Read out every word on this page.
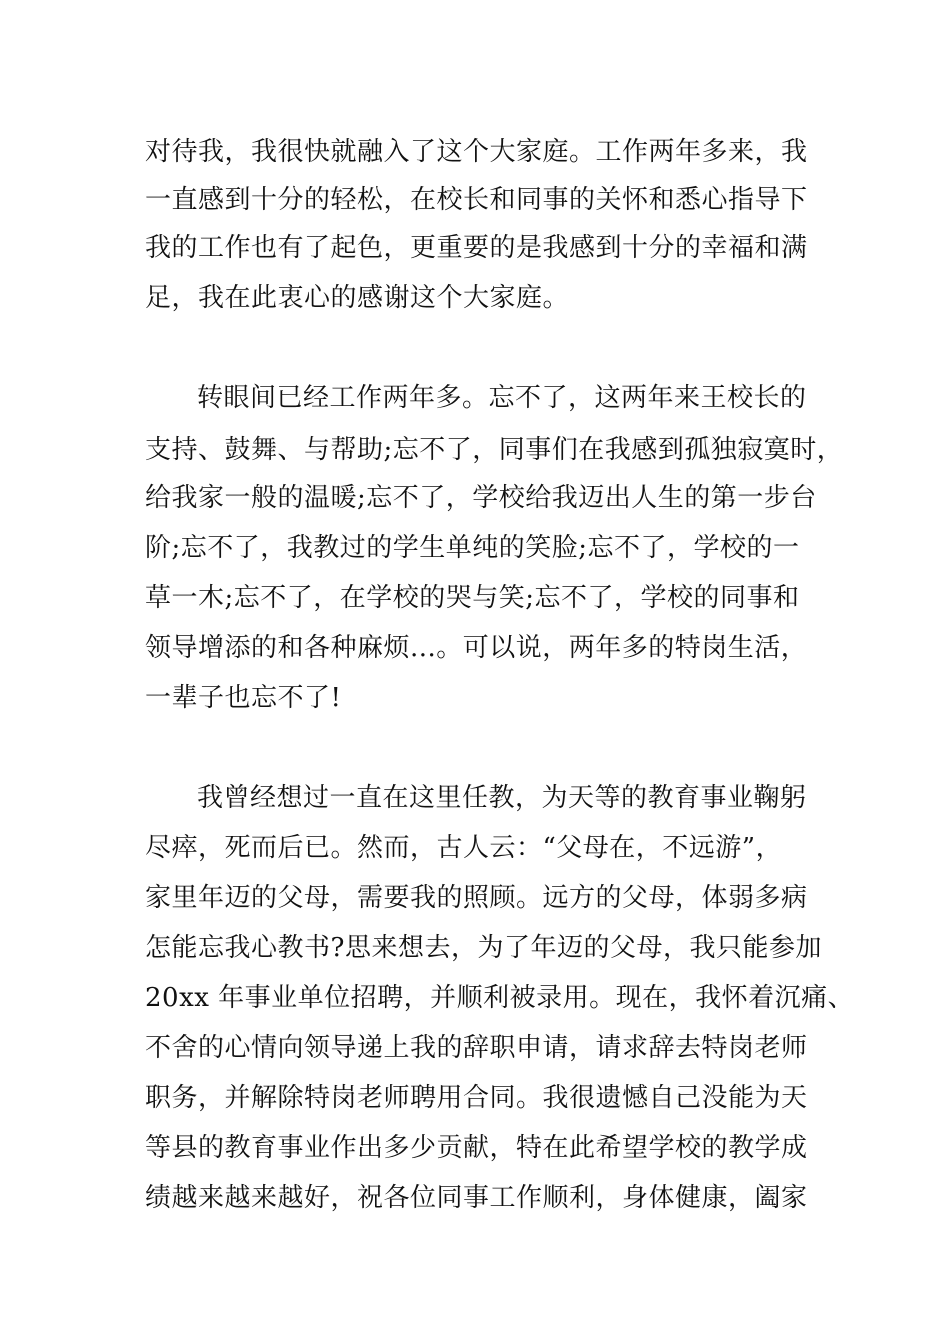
对待我，我很快就融入了这个大家庭。工作两年多来，我
一直感到十分的轻松，在校长和同事的关怀和悉心指导下
我的工作也有了起色，更重要的是我感到十分的幸福和满
足，我在此衷心的感谢这个大家庭。
转眼间已经工作两年多。忘不了，这两年来王校长的
支持、鼓舞、与帮助;忘不了，同事们在我感到孤独寂寞时，
给我家一般的温暖;忘不了，学校给我迈出人生的第一步台
阶;忘不了，我教过的学生单纯的笑脸;忘不了，学校的一
草一木;忘不了，在学校的哭与笑;忘不了，学校的同事和
领导增添的和各种麻烦...。可以说，两年多的特岗生活，
一辈子也忘不了!
我曾经想过一直在这里任教，为天等的教育事业鞠躬
尽瘁，死而后已。然而，古人云：“父母在，不远游”，
家里年迈的父母，需要我的照顾。远方的父母，体弱多病
怎能忘我心教书?思来想去，为了年迈的父母，我只能参加
20xx 年事业单位招聘，并顺利被录用。现在，我怀着沉痛、
不舍的心情向领导递上我的辞职申请，请求辞去特岗老师
职务，并解除特岗老师聘用合同。我很遗憾自己没能为天
等县的教育事业作出多少贡献，特在此希望学校的教学成
绩越来越来越好，祝各位同事工作顺利，身体健康，阖家
